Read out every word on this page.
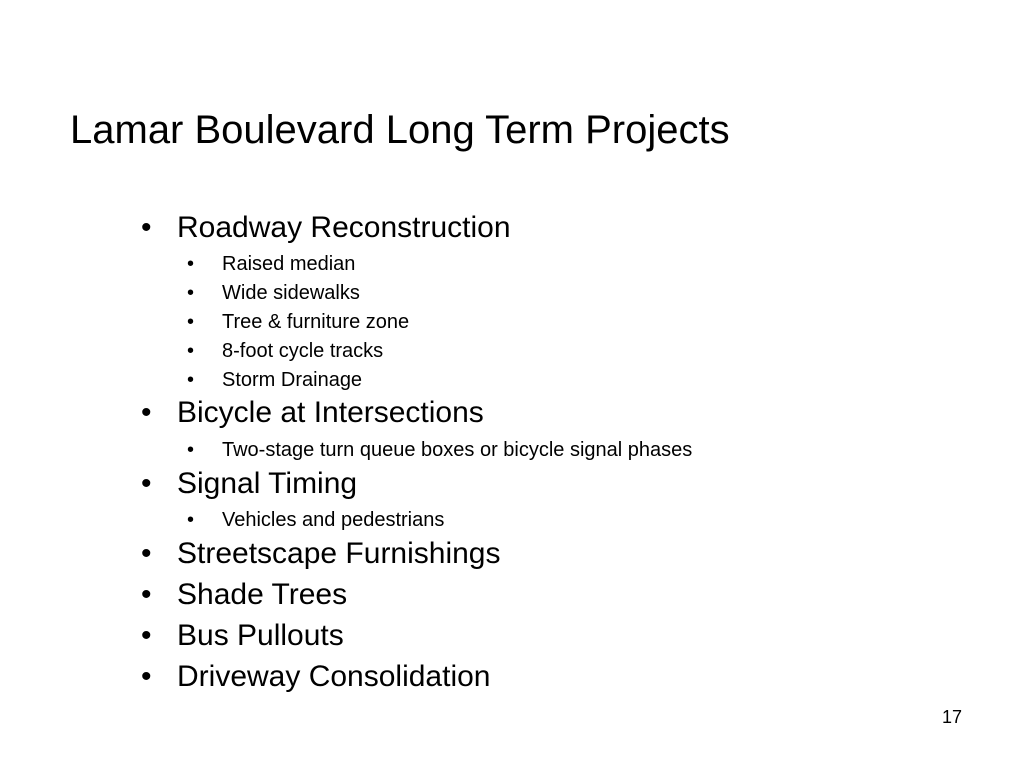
Lamar Boulevard Long Term Projects
• Roadway Reconstruction
• Raised median
• Wide sidewalks
• Tree & furniture zone
• 8-foot cycle tracks
• Storm Drainage
• Bicycle at Intersections
• Two-stage turn queue boxes or bicycle signal phases
• Signal Timing
• Vehicles and pedestrians
• Streetscape Furnishings
• Shade Trees
• Bus Pullouts
• Driveway Consolidation
17
